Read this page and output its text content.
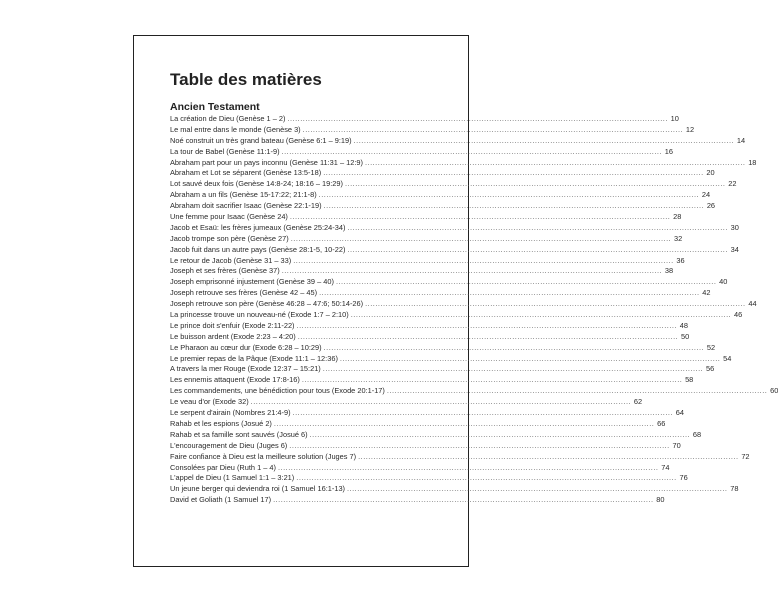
Table des matières
Ancien Testament
La création de Dieu (Genèse 1 – 2) .....	10
Le mal entre dans le monde (Genèse 3) .....	12
Noé construit un très grand bateau (Genèse 6:1 – 9:19) .....	14
La tour de Babel (Genèse 11:1-9) .....	16
Abraham part pour un pays inconnu (Genèse 11:31 – 12:9) .....	18
Abraham et Lot se séparent (Genèse 13:5-18) .....	20
Lot sauvé deux fois (Genèse 14:8-24; 18:16 – 19:29) .....	22
Abraham a un fils (Genèse 15-17:22; 21:1-8) .....	24
Abraham doit sacrifier Isaac (Genèse 22:1-19) .....	26
Une femme pour Isaac (Genèse 24) .....	28
Jacob et Esaü: les frères jumeaux (Genèse 25:24-34) .....	30
Jacob trompe son père (Genèse 27) .....	32
Jacob fuit dans un autre pays (Genèse 28:1-5, 10-22) .....	34
Le retour de Jacob (Genèse 31 – 33) .....	36
Joseph et ses frères (Genèse 37) .....	38
Joseph emprisonné injustement (Genèse 39 – 40) .....	40
Joseph retrouve ses frères (Genèse 42 – 45) .....	42
Joseph retrouve son père (Genèse 46:28 – 47:6; 50:14-26) .....	44
La princesse trouve un nouveau-né (Exode 1:7 – 2:10) .....	46
Le prince doit s'enfuir (Exode 2:11-22) .....	48
Le buisson ardent (Exode 2:23 – 4:20) .....	50
Le Pharaon au cœur dur (Exode 6:28 – 10:29) .....	52
Le premier repas de la Pâque (Exode 11:1 – 12:36) .....	54
A travers la mer Rouge (Exode 12:37 – 15:21) .....	56
Les ennemis attaquent (Exode 17:8-16) .....	58
Les commandements, une bénédiction pour tous (Exode 20:1-17) .....	60
Le veau d'or (Exode 32) .....	62
Le serpent d'airain (Nombres 21:4-9) .....	64
Rahab et les espions (Josué 2) .....	66
Rahab et sa famille sont sauvés (Josué 6) .....	68
L'encouragement de Dieu (Juges 6) .....	70
Faire confiance à Dieu est la meilleure solution (Juges 7) .....	72
Consolées par Dieu (Ruth 1 – 4) .....	74
L'appel de Dieu (1 Samuel 1:1 – 3:21) .....	76
Un jeune berger qui deviendra roi (1 Samuel 16:1-13) .....	78
David et Goliath (1 Samuel 17) .....	80
